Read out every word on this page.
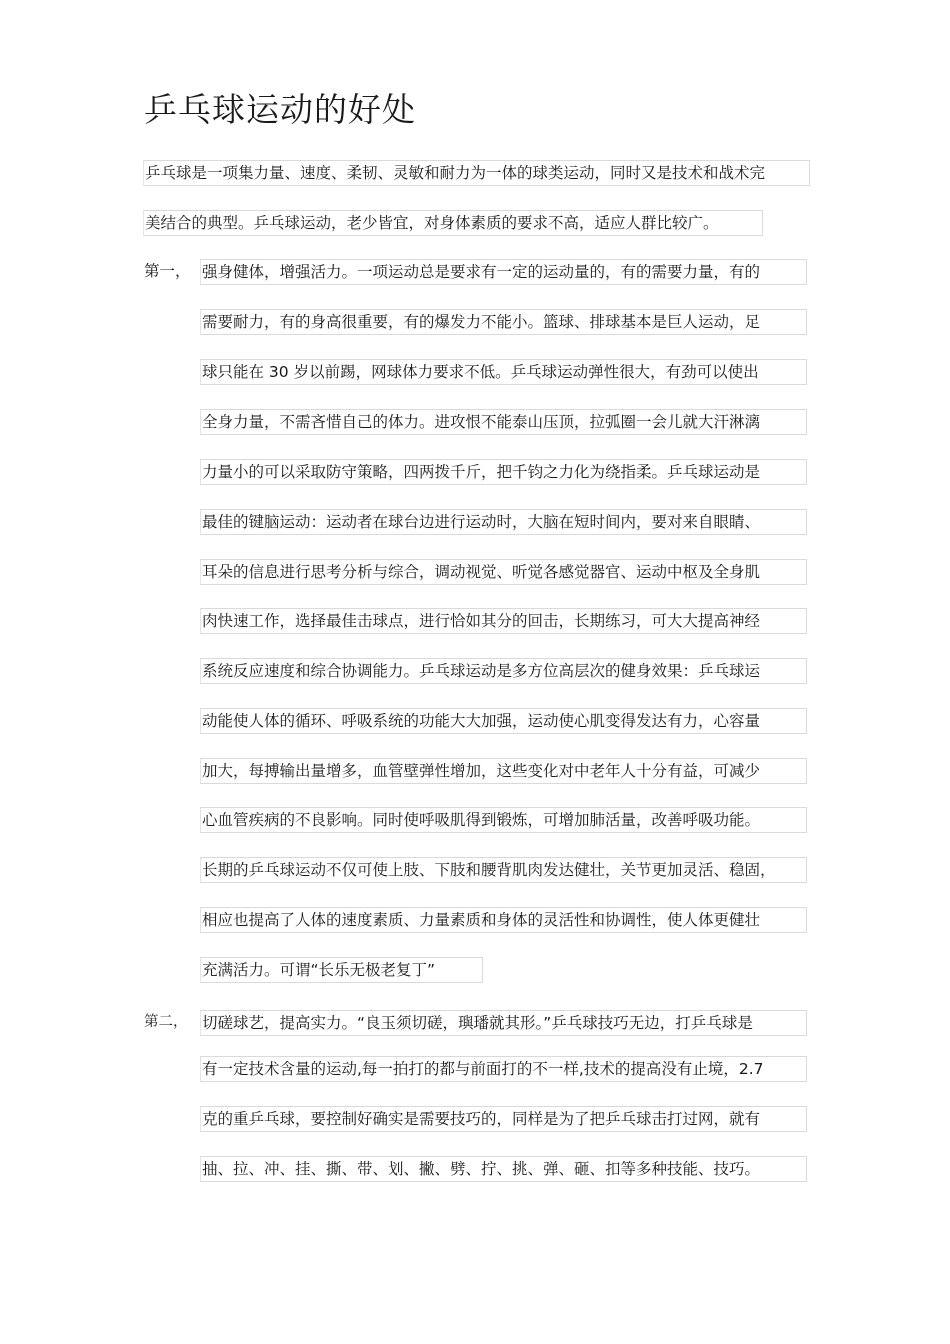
乒乓球运动的好处
乒乓球是一项集力量、速度、柔韧、灵敏和耐力为一体的球类运动，同时又是技术和战术完
美结合的典型。乒乓球运动，老少皆宜，对身体素质的要求不高，适应人群比较广。
第一， 强身健体，增强活力。一项运动总是要求有一定的运动量的，有的需要力量，有的
需要耐力，有的身高很重要，有的爆发力不能小。篮球、排球基本是巨人运动，足
球只能在 30 岁以前踢，网球体力要求不低。乒乓球运动弹性很大，有劲可以使出
全身力量，不需吝惜自己的体力。进攻恨不能泰山压顶，拉弧圈一会儿就大汗淋漓
力量小的可以采取防守策略，四两拨千斤，把千钧之力化为绕指柔。乒乓球运动是
最佳的键脑运动：运动者在球台边进行运动时，大脑在短时间内，要对来自眼睛、
耳朵的信息进行思考分析与综合，调动视觉、听觉各感觉器官、运动中枢及全身肌
肉快速工作，选择最佳击球点，进行恰如其分的回击，长期练习，可大大提高神经
系统反应速度和综合协调能力。乒乓球运动是多方位高层次的健身效果：乒乓球运
动能使人体的循环、呼吸系统的功能大大加强，运动使心肌变得发达有力，心容量
加大，每搏输出量增多，血管壁弹性增加，这些变化对中老年人十分有益，可减少
心血管疾病的不良影响。同时使呼吸肌得到锻炼，可增加肺活量，改善呼吸功能。
长期的乒乓球运动不仅可使上肢、下肢和腰背肌肉发达健壮，关节更加灵活、稳固，
相应也提高了人体的速度素质、力量素质和身体的灵活性和协调性，使人体更健壮
充满活力。可谓“长乐无极老复丁”
第二， 切磋球艺，提高实力。“良玉须切磋，璵璠就其形。”乒乓球技巧无边，打乒乓球是
有一定技术含量的运动,每一拍打的都与前面打的不一样,技术的提高没有止境，2.7
克的重乒乓球，要控制好确实是需要技巧的，同样是为了把乒乓球击打过网，就有
抽、拉、冲、挂、撕、带、划、撇、劈、拧、挑、弹、砸、扣等多种技能、技巧。
